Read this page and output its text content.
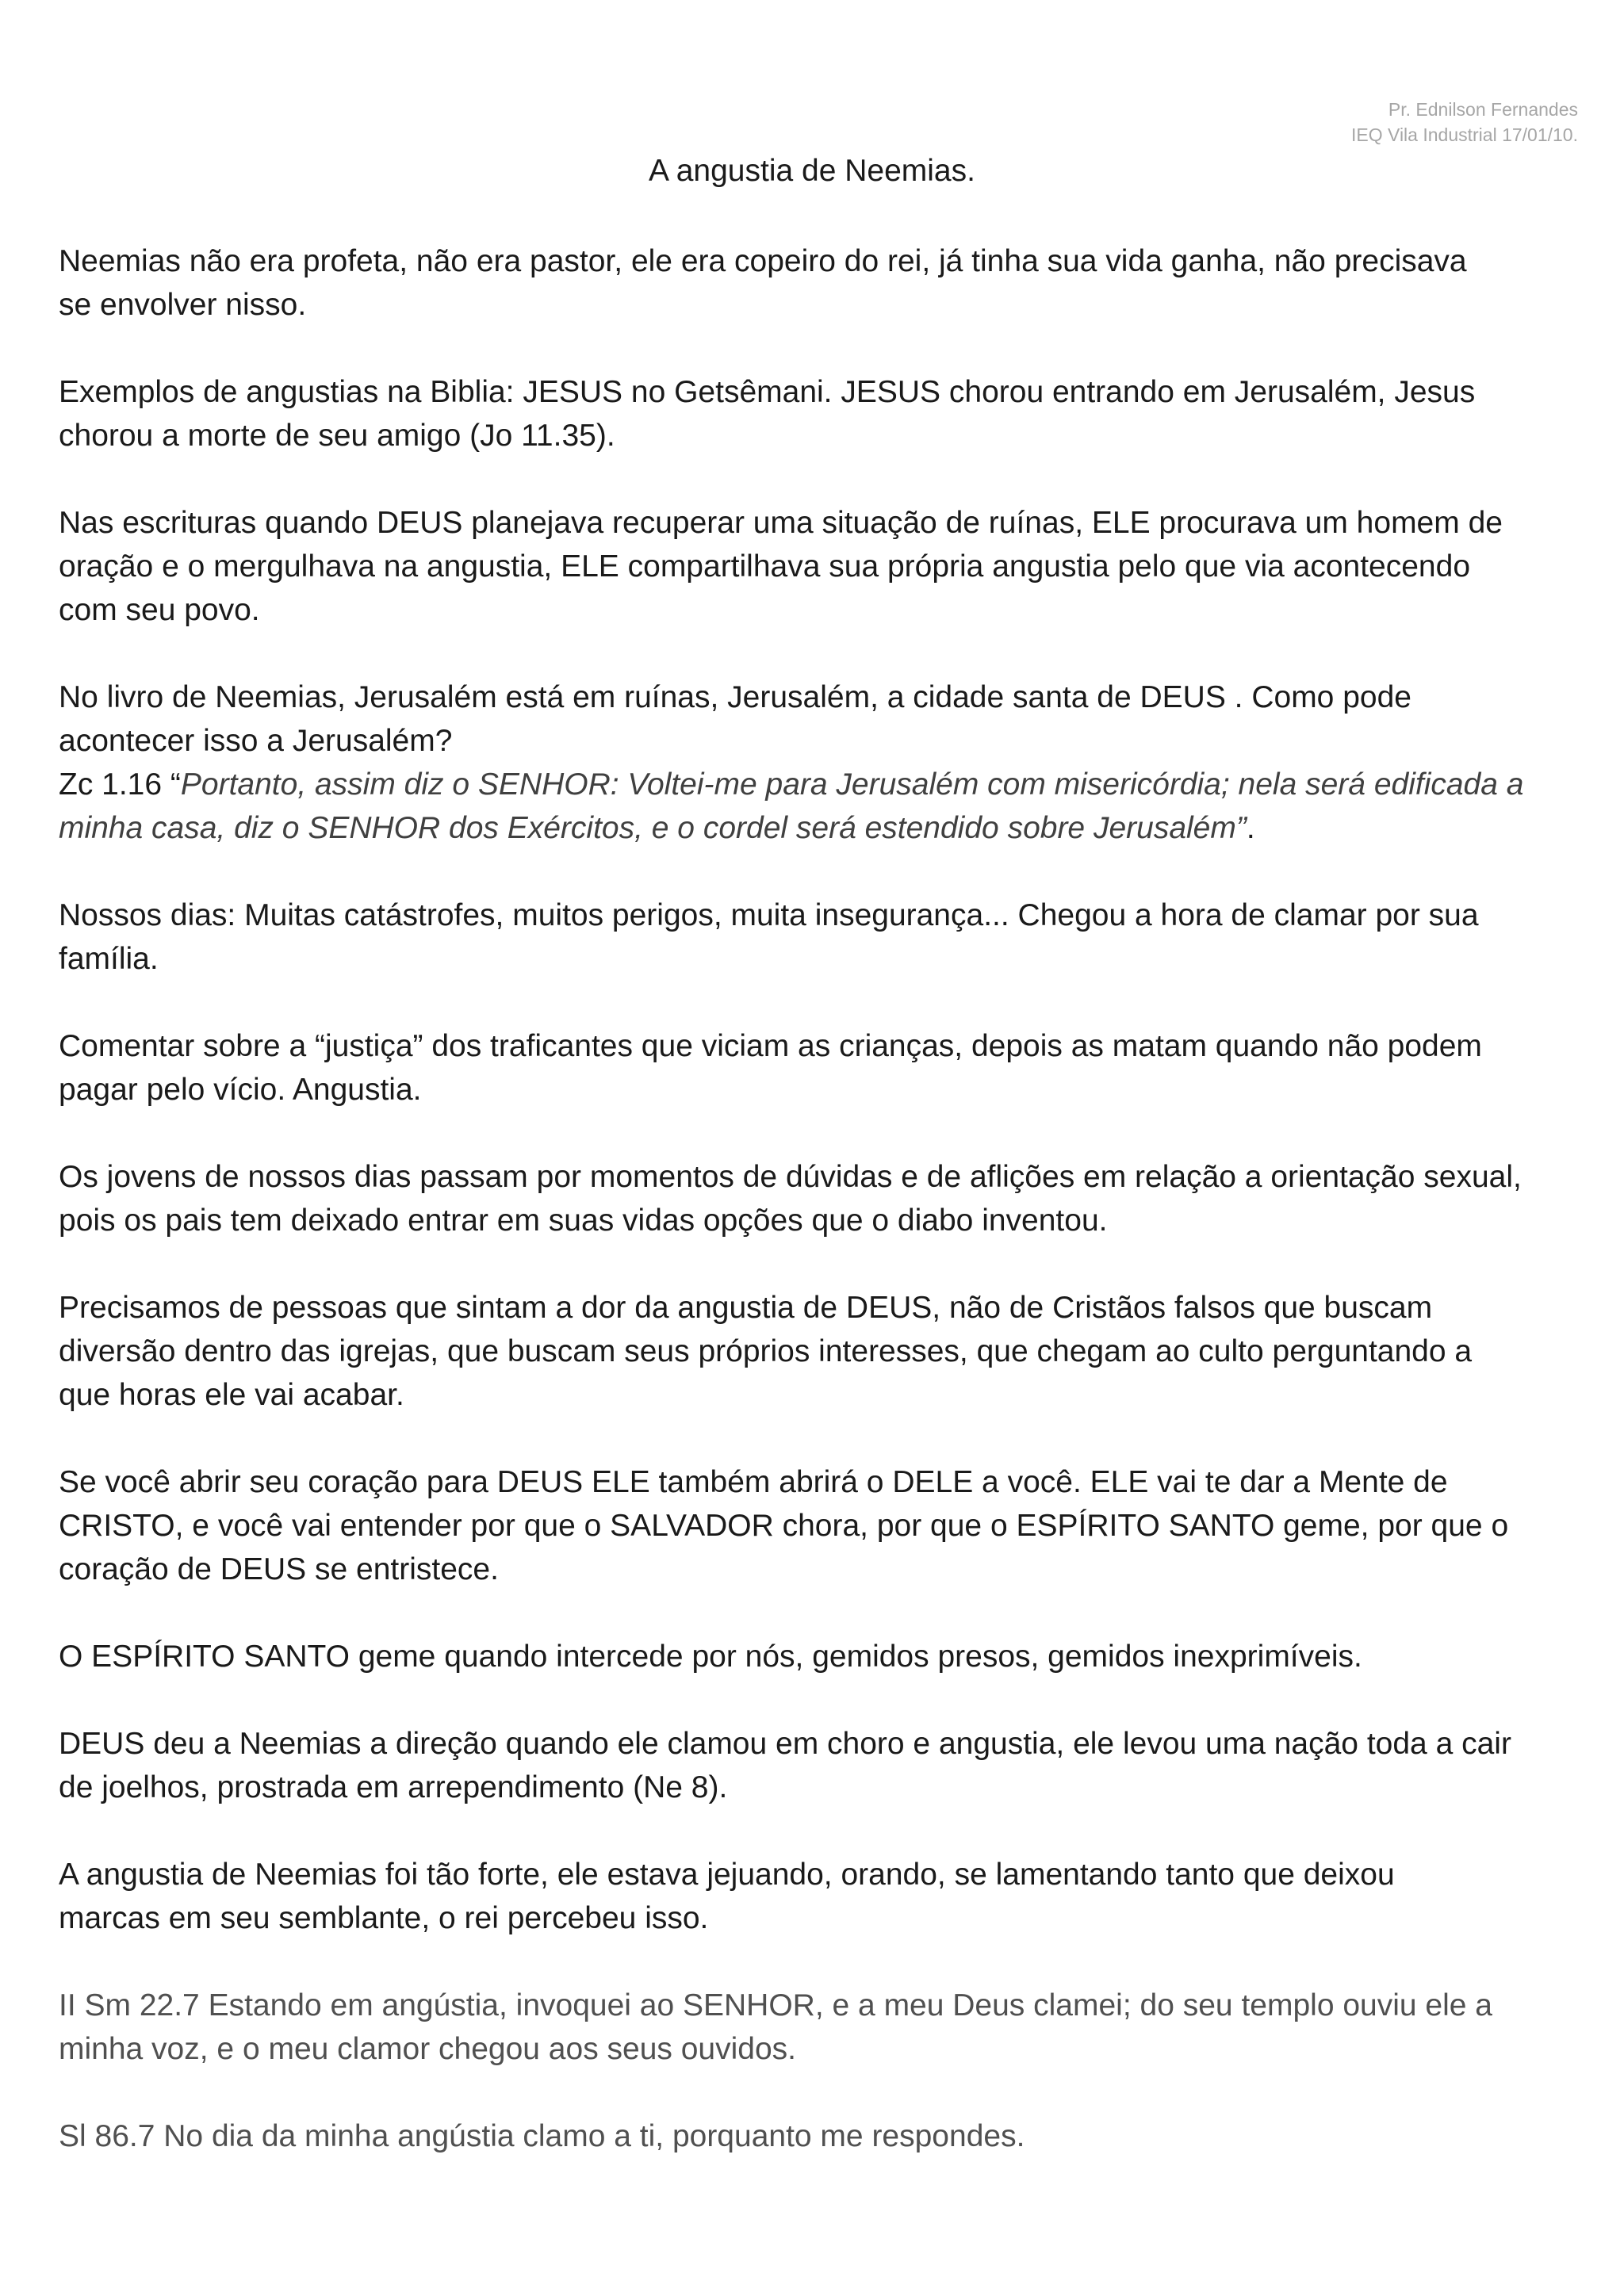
Pr. Ednilson Fernandes
IEQ Vila Industrial 17/01/10.
A angustia de Neemias.

Neemias não era profeta, não era pastor, ele era copeiro do rei, já tinha sua vida ganha, não precisava
se envolver nisso.

Exemplos de angustias na Biblia: JESUS no Getsêmani. JESUS chorou entrando em Jerusalém, Jesus
chorou a morte de seu amigo (Jo 11.35).

Nas escrituras quando DEUS planejava recuperar uma situação de ruínas, ELE procurava um homem de
oração e o mergulhava na angustia, ELE compartilhava sua própria angustia pelo que via acontecendo
com seu povo.

No livro de Neemias, Jerusalém está em ruínas, Jerusalém, a cidade santa de DEUS . Como pode
acontecer isso a Jerusalém?
Zc 1.16 “Portanto, assim diz o SENHOR: Voltei-me para Jerusalém com misericórdia; nela será edificada a
minha casa, diz o SENHOR dos Exércitos, e o cordel será estendido sobre Jerusalém”.

Nossos dias: Muitas catástrofes, muitos perigos, muita insegurança... Chegou a hora de clamar por sua
família.

Comentar sobre a “justiça” dos traficantes que viciam as crianças, depois as matam quando não podem
pagar pelo vício. Angustia.

Os jovens de nossos dias passam por momentos de dúvidas e de aflições em relação a orientação sexual,
pois os pais tem deixado entrar em suas vidas opções que o diabo inventou.

Precisamos de pessoas que sintam a dor da angustia de DEUS, não de Cristãos falsos que buscam
diversão dentro das igrejas, que buscam seus próprios interesses, que chegam ao culto perguntando a
que horas ele vai acabar.

Se você abrir seu coração para DEUS ELE também abrirá o DELE a você. ELE vai te dar a Mente de
CRISTO, e você vai entender por que o SALVADOR chora, por que o ESPÍRITO SANTO geme, por que o
coração de DEUS se entristece.

O ESPÍRITO SANTO geme quando intercede por nós, gemidos presos, gemidos inexprimíveis.

DEUS deu a Neemias a direção quando ele clamou em choro e angustia, ele levou uma nação toda a cair
de joelhos, prostrada em arrependimento (Ne 8).

A angustia de Neemias foi tão forte, ele estava jejuando, orando, se lamentando tanto que deixou
marcas em seu semblante, o rei percebeu isso.

II Sm 22.7 Estando em angústia, invoquei ao SENHOR, e a meu Deus clamei; do seu templo ouviu ele a
minha voz, e o meu clamor chegou aos seus ouvidos.

Sl 86.7 No dia da minha angústia clamo a ti, porquanto me respondes.
